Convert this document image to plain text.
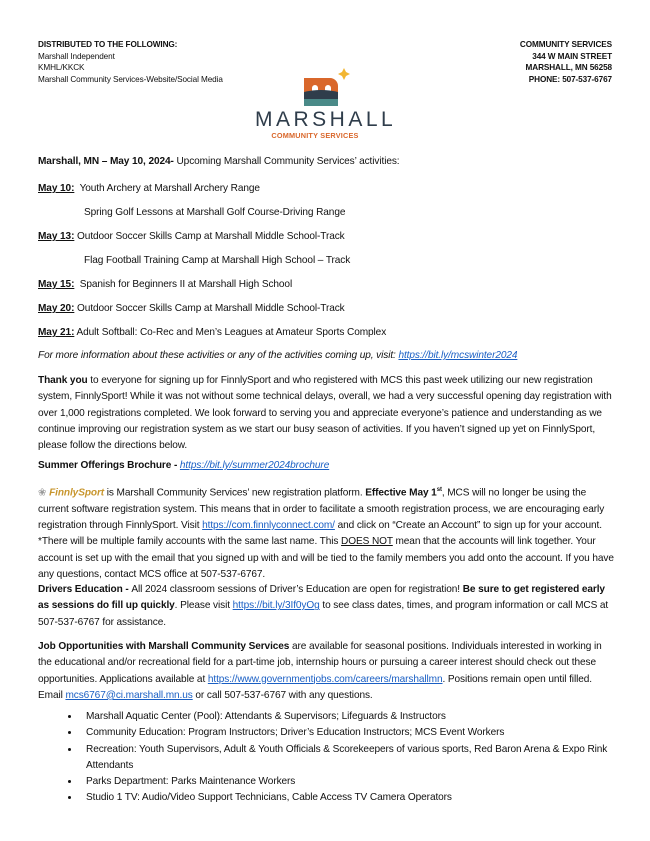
DISTRIBUTED TO THE FOLLOWING:
Marshall Independent
KMHL/KKCK
Marshall Community Services-Website/Social Media
COMMUNITY SERVICES
344 W MAIN STREET
MARSHALL, MN 56258
PHONE: 507-537-6767
MARSHALL
COMMUNITY SERVICES
Marshall, MN – May 10, 2024- Upcoming Marshall Community Services’ activities:
May 10:  Youth Archery at Marshall Archery Range
Spring Golf Lessons at Marshall Golf Course-Driving Range
May 13: Outdoor Soccer Skills Camp at Marshall Middle School-Track
Flag Football Training Camp at Marshall High School – Track
May 15:  Spanish for Beginners II at Marshall High School
May 20: Outdoor Soccer Skills Camp at Marshall Middle School-Track
May 21: Adult Softball: Co-Rec and Men’s Leagues at Amateur Sports Complex
For more information about these activities or any of the activities coming up, visit: https://bit.ly/mcswinter2024
Thank you to everyone for signing up for FinnlySport and who registered with MCS this past week utilizing our new registration system, FinnlySport! While it was not without some technical delays, overall, we had a very successful opening day registration with over 1,000 registrations completed. We look forward to serving you and appreciate everyone’s patience and understanding as we continue improving our registration system as we start our busy season of activities. If you haven’t signed up yet on FinnlySport, please follow the directions below.
Summer Offerings Brochure - https://bit.ly/summer2024brochure
❀ FinnlySport is Marshall Community Services’ new registration platform. Effective May 1st, MCS will no longer be using the current software registration system. This means that in order to facilitate a smooth registration process, we are encouraging early registration through FinnlySport. Visit https://com.finnlyconnect.com/ and click on “Create an Account” to sign up for your account. *There will be multiple family accounts with the same last name. This DOES NOT mean that the accounts will link together. Your account is set up with the email that you signed up with and will be tied to the family members you add onto the account. If you have any questions, contact MCS office at 507-537-6767.
Drivers Education - All 2024 classroom sessions of Driver’s Education are open for registration! Be sure to get registered early as sessions do fill up quickly. Please visit https://bit.ly/3If0yOg to see class dates, times, and program information or call MCS at 507-537-6767 for assistance.
Job Opportunities with Marshall Community Services are available for seasonal positions. Individuals interested in working in the educational and/or recreational field for a part-time job, internship hours or pursuing a career interest should check out these opportunities. Applications available at https://www.governmentjobs.com/careers/marshallmn. Positions remain open until filled. Email mcs6767@ci.marshall.mn.us or call 507-537-6767 with any questions.
• Marshall Aquatic Center (Pool): Attendants & Supervisors; Lifeguards & Instructors
• Community Education: Program Instructors; Driver’s Education Instructors; MCS Event Workers
• Recreation: Youth Supervisors, Adult & Youth Officials & Scorekeepers of various sports, Red Baron Arena & Expo Rink Attendants
• Parks Department: Parks Maintenance Workers
• Studio 1 TV: Audio/Video Support Technicians, Cable Access TV Camera Operators
